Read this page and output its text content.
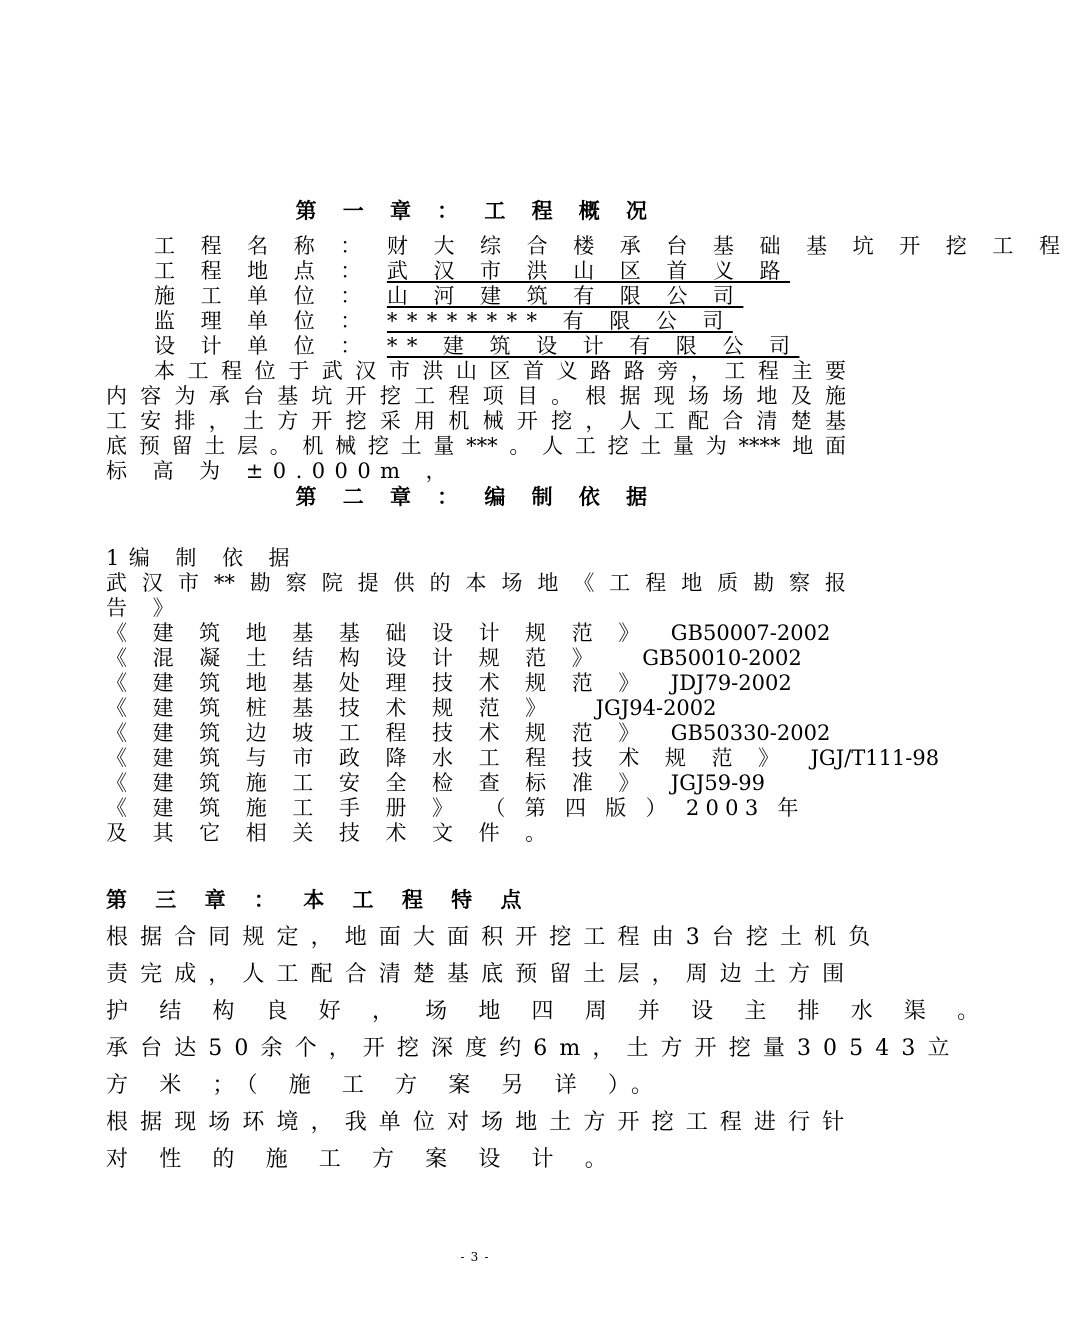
第 一 章 ： 工 程 概 况
工 程 名 称 ： 财 大 综 合 楼 承 台 基 础 基 坑 开 挖 工 程
工 程 地 点 ： 武 汉 市 洪 山 区 首 义 路
施 工 单 位 ： 山 河 建 筑 有 限 公 司
监 理 单 位 ： ******** 有 限 公 司
设 计 单 位 ： ** 建 筑 设 计 有 限 公 司
本工程位于武汉市洪山区首义路路旁，工程主要
内容为承台基坑开挖工程项目。根据现场场地及施
工安排，土方开挖采用机械开挖，人工配合清楚基
底预留土层。机械挖土量***。人工挖土量为****地面
标 高 为 ±0.000m ，
第 二 章 ： 编 制 依 据
1编 制 依 据
武汉市**勘察院提供的本场地《工程地质勘察报
告 》
《 建 筑 地 基 基 础 设 计 规 范 》 GB50007-2002
《 混 凝 土 结 构 设 计 规 范 》 GB50010-2002
《 建 筑 地 基 处 理 技 术 规 范 》 JDJ79-2002
《 建 筑 桩 基 技 术 规 范 》 JGJ94-2002
《 建 筑 边 坡 工 程 技 术 规 范 》 GB50330-2002
《 建 筑 与 市 政 降 水 工 程 技 术 规 范 》 JGJ/T111-98
《 建 筑 施 工 安 全 检 查 标 准 》 JGJ59-99
《 建 筑 施 工 手 册 》 （ 第 四 版 ） 2003 年
及 其 它 相 关 技 术 文 件 。
第 三 章 ： 本 工 程 特 点
根据合同规定，地面大面积开挖工程由3台挖土机负
责完成，人工配合清楚基底预留土层，周边土方围
护 结 构 良 好 ， 场 地 四 周 并 设 主 排 水 渠 。
承台达50余个，开挖深度约6m，土方开挖量30543立
方 米 ；（ 施 工 方 案 另 详 ）。
根据现场环境，我单位对场地土方开挖工程进行针
对 性 的 施 工 方 案 设 计 。
- 3 -
